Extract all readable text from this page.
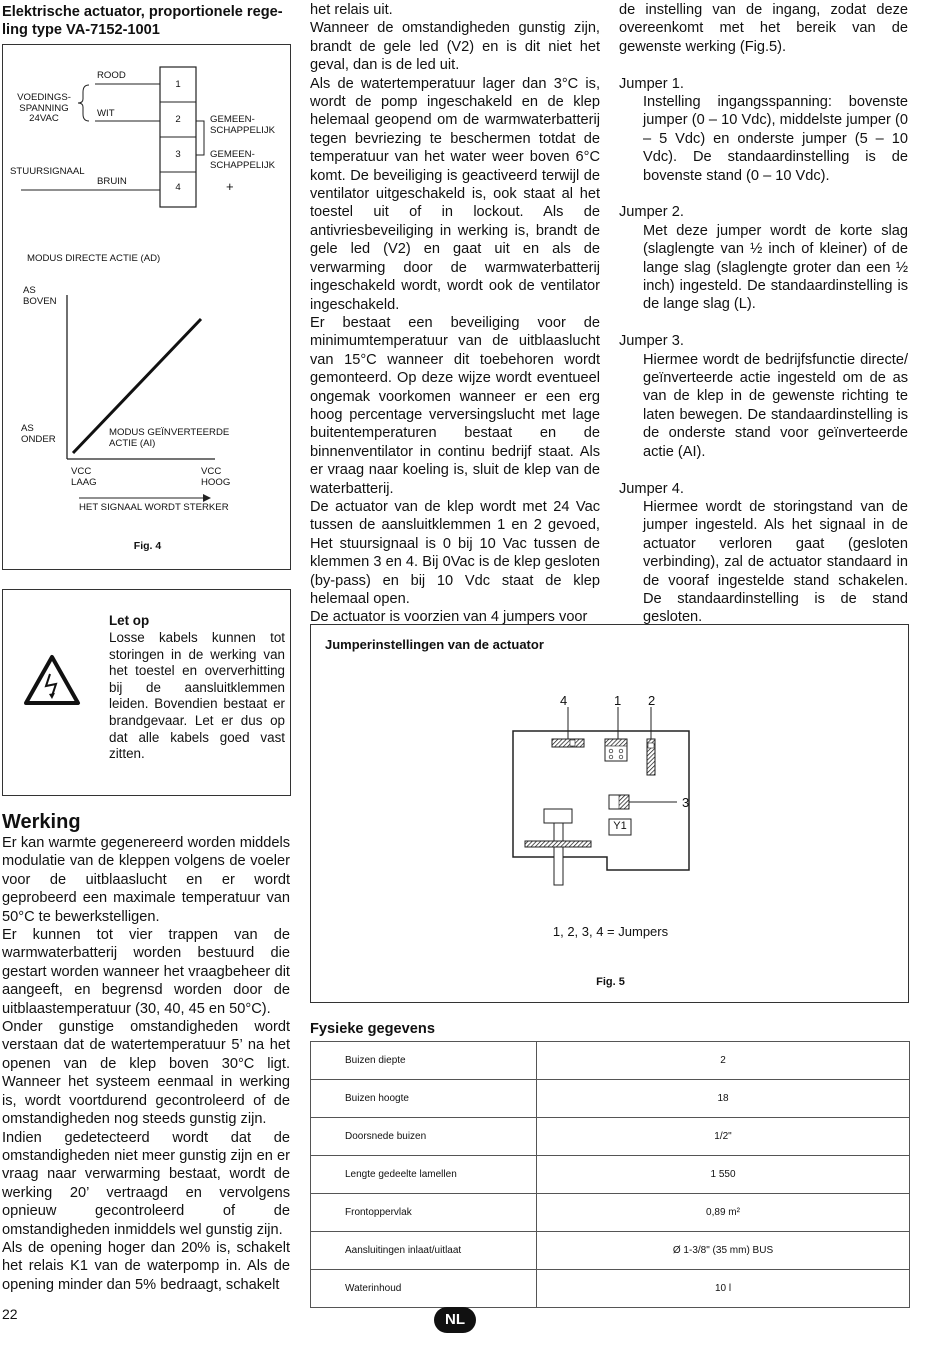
Elektrische actuator, proportionele rege-
ling type VA-7152-1001
VOEDINGS-
SPANNING
24VAC
ROOD
WIT
STUURSIGNAAL
BRUIN
1
2
3
4
GEMEEN-
SCHAPPELIJK
GEMEEN-
SCHAPPELIJK
+
MODUS DIRECTE ACTIE (AD)
AS
BOVEN
AS
ONDER
MODUS GEÏNVERTEERDE
ACTIE (AI)
VCC
LAAG
VCC
HOOG
HET SIGNAAL WORDT STERKER
Fig. 4
Let op
Losse kabels kunnen tot storingen in de werking van het toestel en oververhitting bij de aansluitklemmen leiden. Bovendien bestaat er brandgevaar. Let er dus op dat alle kabels goed vast zitten.
Werking

Er kan warmte gegenereerd worden middels modulatie van de kleppen volgens de voeler voor de uitblaaslucht en er wordt geprobeerd een maximale temperatuur van 50°C te bewerkstelligen.

Er kunnen tot vier trappen van de warmwaterbatterij worden bestuurd die gestart worden wanneer het vraagbeheer dit aangeeft, en begrensd worden door de uitblaastemperatuur (30, 40, 45 en 50°C).

Onder gunstige omstandigheden wordt verstaan dat de watertemperatuur 5’ na het openen van de klep boven 30°C ligt. Wanneer het systeem eenmaal in werking is, wordt voortdurend gecontroleerd of de omstandigheden nog steeds gunstig zijn.

Indien gedetecteerd wordt dat de omstandigheden niet meer gunstig zijn en er vraag naar verwarming bestaat, wordt de werking 20’ vertraagd en vervolgens opnieuw gecontroleerd of de omstandigheden inmiddels wel gunstig zijn.

Als de opening hoger dan 20% is, schakelt het relais K1 van de waterpomp in. Als de opening minder dan 5% bedraagt, schakelt

het relais uit.

Wanneer de omstandigheden gunstig zijn, brandt de gele led (V2) en is dit niet het geval, dan is de led uit.

Als de watertemperatuur lager dan 3°C is, wordt de pomp ingeschakeld en de klep helemaal geopend om de warmwaterbatterij tegen bevriezing te beschermen totdat de temperatuur van het water weer boven 6°C komt. De beveiliging is geactiveerd terwijl de ventilator uitgeschakeld is, ook staat al het toestel uit of in lockout. Als de antivriesbeveiliging in werking is, brandt de gele led (V2) en gaat uit en als de verwarming door de warmwaterbatterij ingeschakeld wordt, wordt ook de ventilator ingeschakeld.

Er bestaat een beveiliging voor de minimumtemperatuur van de uitblaaslucht van 15°C wanneer dit toebehoren wordt gemonteerd. Op deze wijze wordt eventueel ongemak voorkomen wanneer er een erg hoog percentage verversingslucht met lage buitentemperaturen bestaat en de binnenventilator in continu bedrijf staat. Als er vraag naar koeling is, sluit de klep van de waterbatterij.

De actuator van de klep wordt met 24 Vac tussen de aansluitklemmen 1 en 2 gevoed, Het stuursignaal is 0 bij 10 Vac tussen de klemmen 3 en 4. Bij 0Vac is de klep gesloten (by-pass) en bij 10 Vdc staat de klep helemaal open.

De actuator is voorzien van 4 jumpers voor

de instelling van de ingang, zodat deze overeenkomt met het bereik van de gewenste werking (Fig.5).

Jumper 1.

Instelling ingangsspanning: bovenste jumper (0 – 10 Vdc), middelste jumper (0 – 5 Vdc) en onderste jumper (5 – 10 Vdc). De standaardinstelling is de bovenste stand (0 – 10 Vdc).

Jumper 2.

Met deze jumper wordt de korte slag (slaglengte van ½ inch of kleiner) of de lange slag (slaglengte groter dan een ½ inch) ingesteld. De standaardinstelling is de lange slag (L).

Jumper 3.

Hiermee wordt de bedrijfsfunctie directe/ geïnverteerde actie ingesteld om de as van de klep in de gewenste richting te laten bewegen. De standaardinstelling is de onderste stand voor geïnverteerde actie (AI).

Jumper 4.

Hiermee wordt de storingstand van de jumper ingesteld. Als het signaal in de actuator verloren gaat (gesloten verbinding), zal de actuator standaard in de vooraf ingestelde stand schakelen. De standaardinstelling is de stand gesloten.

Jumperinstellingen van de actuator
4	1 2
3
Y1
1, 2, 3, 4 = Jumpers
Fig. 5
Fysieke gegevens
Buizen diepte	2
Buizen hoogte	18
Doorsnede buizen	1/2"
Lengte gedeelte lamellen	1 550
Frontoppervlak	0,89 m²
Aansluitingen inlaat/uitlaat	Ø 1-3/8" (35 mm) BUS
Waterinhoud	10 l
22	NL
